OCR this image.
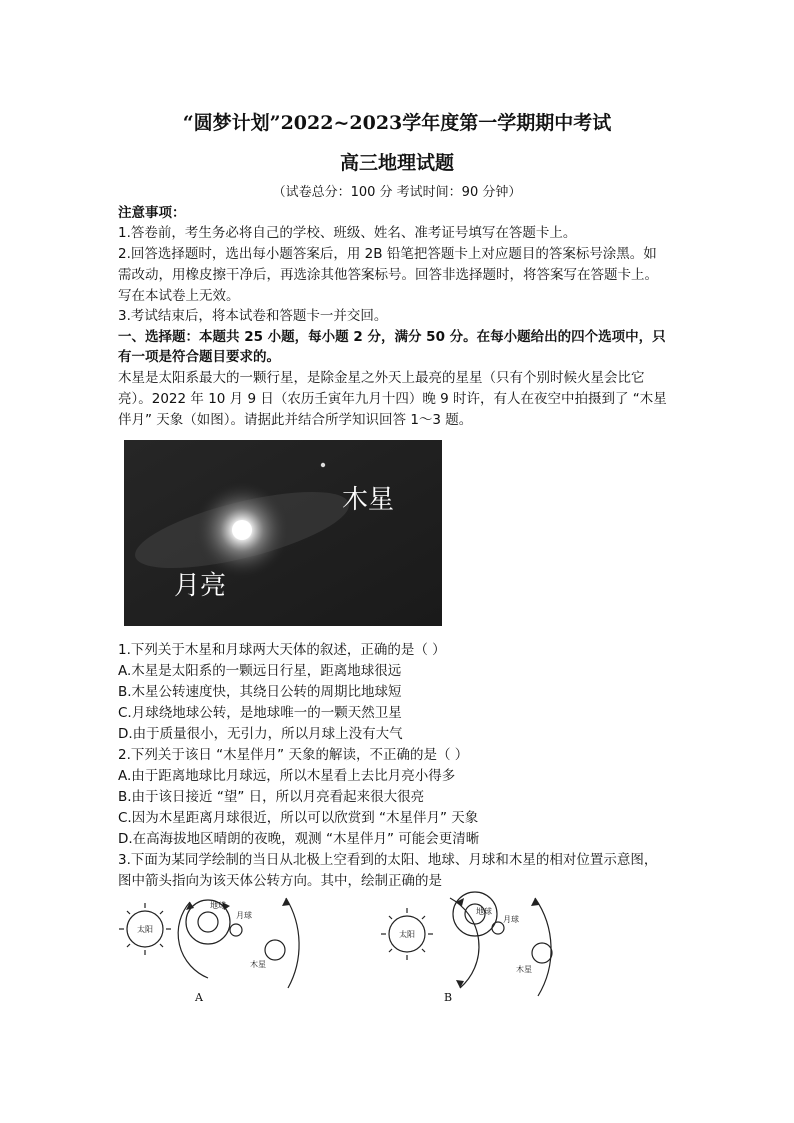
“圆梦计划”2022~2023学年度第一学期期中考试
高三地理试题
（试卷总分：100 分 考试时间：90 分钟）
注意事项：
1.答卷前，考生务必将自己的学校、班级、姓名、准考证号填写在答题卡上。
2.回答选择题时，选出每小题答案后，用 2B 铅笔把答题卡上对应题目的答案标号涂黑。如
需改动，用橡皮擦干净后，再选涂其他答案标号。回答非选择题时，将答案写在答题卡上。
写在本试卷上无效。
3.考试结束后，将本试卷和答题卡一并交回。
一、选择题：本题共 25 小题，每小题 2 分，满分 50 分。在每小题给出的四个选项中，只
有一项是符合题目要求的。
木星是太阳系最大的一颗行星，是除金星之外天上最亮的星星（只有个别时候火星会比它
亮）。2022 年 10 月 9 日（农历壬寅年九月十四）晚 9 时许，有人在夜空中拍摄到了 “木星
伴月” 天象（如图）。请据此并结合所学知识回答 1～3 题。
木星
月亮
1.下列关于木星和月球两大天体的叙述，正确的是（ ）
A.木星是太阳系的一颗远日行星，距离地球很远
B.木星公转速度快，其绕日公转的周期比地球短
C.月球绕地球公转，是地球唯一的一颗天然卫星
D.由于质量很小，无引力，所以月球上没有大气
2.下列关于该日 “木星伴月” 天象的解读，不正确的是（ ）
A.由于距离地球比月球远，所以木星看上去比月亮小得多
B.由于该日接近 “望” 日，所以月亮看起来很大很亮
C.因为木星距离月球很近，所以可以欣赏到 “木星伴月” 天象
D.在高海拔地区晴朗的夜晚，观测 “木星伴月” 可能会更清晰
3.下面为某同学绘制的当日从北极上空看到的太阳、地球、月球和木星的相对位置示意图，
图中箭头指向为该天体公转方向。其中，绘制正确的是
太阳
地球
月球
木星
A
太阳
地球
月球
木星
B
